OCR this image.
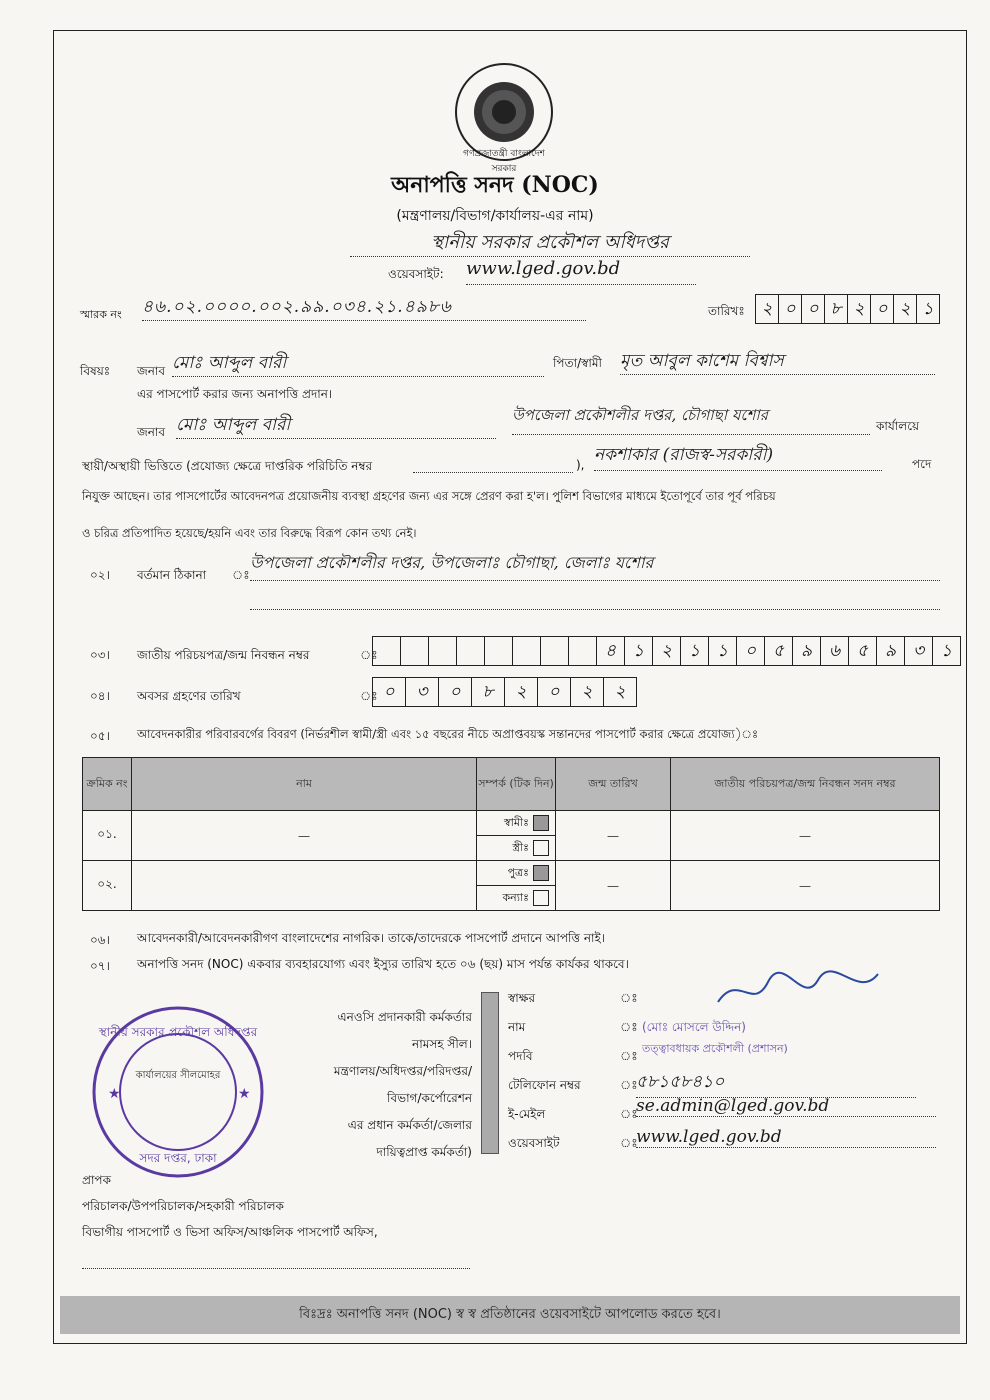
গণপ্রজাতন্ত্রী বাংলাদেশ সরকার
অনাপত্তি সনদ (NOC)
(মন্ত্রণালয়/বিভাগ/কার্যালয়-এর নাম)
স্থানীয় সরকার প্রকৌশল অধিদপ্তর
ওয়েবসাইট: www.lged.gov.bd
স্মারক নং ৪৬.০২.০০০০.০০২.৯৯.০৩৪.২১.৪৯৮৬	তারিখঃ ২ ০ ০ ৮ ২ ০ ২ ১
বিষয়ঃ জনাব মোঃ আব্দুল বারী	পিতা/স্বামী মৃত আবুল কাশেম বিশ্বাস
এর পাসপোর্ট করার জন্য অনাপত্তি প্রদান।
জনাব মোঃ আব্দুল বারী	উপজেলা প্রকৌশলীর দপ্তর, চৌগাছা যশোর
কার্যালয়ে
স্থায়ী/অস্থায়ী ভিত্তিতে (প্রযোজ্য ক্ষেত্রে দাপ্তরিক পরিচিতি নম্বর	), নকশাকার (রাজস্ব-সরকারী)	পদে
নিযুক্ত আছেন। তার পাসপোর্টের আবেদনপত্র প্রয়োজনীয় ব্যবস্থা গ্রহণের জন্য এর সঙ্গে প্রেরণ করা হ'ল। পুলিশ বিভাগের মাধ্যমে ইতোপূর্বে তার পূর্ব পরিচয়
ও চরিত্র প্রতিপাদিত হয়েছে/হয়নি এবং তার বিরুদ্ধে বিরূপ কোন তথ্য নেই।
০২। বর্তমান ঠিকানা ঃ
উপজেলা প্রকৌশলীর দপ্তর, উপজেলাঃ চৌগাছা, জেলাঃ যশোর
০৩। জাতীয় পরিচয়পত্র/জন্ম নিবন্ধন নম্বর	ঃ	৪ ১ ২ ১ ১ ০ ৫ ৯ ৬ ৫ ৯ ৩ ১
০৪। অবসর গ্রহণের তারিখ	ঃ ০	৩	০	৮	২	০	২	২
০৫। আবেদনকারীর পরিবারবর্গের বিবরণ (নির্ভরশীল স্বামী/স্ত্রী এবং ১৫ বছরের নীচে অপ্রাপ্তবয়স্ক সন্তানদের পাসপোর্ট করার ক্ষেত্রে প্রযোজ্য)ঃ
ক্রমিক নং	নাম	সম্পর্ক (টিক দিন)	জন্ম তারিখ	জাতীয় পরিচয়পত্র/জন্ম নিবন্ধন সনদ নম্বর
০১.	—	স্বামীঃ	—	—
		স্ত্রীঃ		
০২.		পুত্রঃ	—	—
		কন্যাঃ		
০৬। আবেদনকারী/আবেদনকারীগণ বাংলাদেশের নাগরিক। তাকে/তাদেরকে পাসপোর্ট প্রদানে আপত্তি নাই।
০৭। অনাপত্তি সনদ (NOC) একবার ব্যবহারযোগ্য এবং ইস্যুর তারিখ হতে ০৬ (ছয়) মাস পর্যন্ত কার্যকর থাকবে।
এনওসি প্রদানকারী কর্মকর্তার
নামসহ সীল।
মন্ত্রণালয়/অধিদপ্তর/পরিদপ্তর/
বিভাগ/কর্পোরেশন
এর প্রধান কর্মকর্তা/জেলার
দায়িত্বপ্রাপ্ত কর্মকর্তা)
স্বাক্ষর	ঃ
নাম	ঃ (মোঃ মোসলে উদ্দিন)
পদবি	ঃ
তত্ত্বাবধায়ক প্রকৌশলী (প্রশাসন)
টেলিফোন নম্বর	ঃ
৫৮১৫৮৪১০
ই-মেইল	ঃ
se.admin@lged.gov.bd
ওয়েবসাইট	ঃ
www.lged.gov.bd
স্থানীয় সরকার প্রকৌশল অধিদপ্তর
সদর দপ্তর, ঢাকা
কার্যালয়ের সীলমোহর
★	★
প্রাপক
পরিচালক/উপপরিচালক/সহকারী পরিচালক
বিভাগীয় পাসপোর্ট ও ভিসা অফিস/আঞ্চলিক পাসপোর্ট অফিস,
বিঃদ্রঃ অনাপত্তি সনদ (NOC) স্ব স্ব প্রতিষ্ঠানের ওয়েবসাইটে আপলোড করতে হবে।
